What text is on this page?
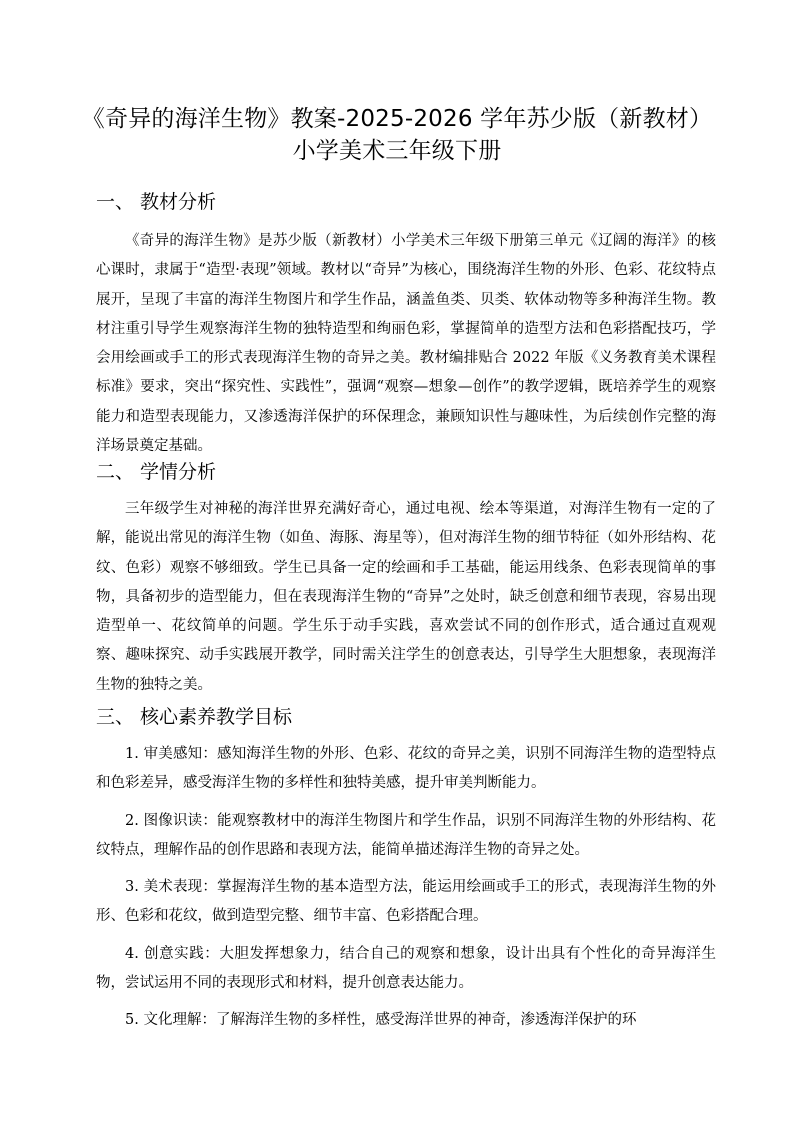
《奇异的海洋生物》教案-2025-2026 学年苏少版（新教材）
小学美术三年级下册
一、 教材分析

《奇异的海洋生物》是苏少版（新教材）小学美术三年级下册第三单元《辽阔的海洋》的核心课时，隶属于“造型·表现”领域。教材以“奇异”为核心，围绕海洋生物的外形、色彩、花纹特点展开，呈现了丰富的海洋生物图片和学生作品，涵盖鱼类、贝类、软体动物等多种海洋生物。教材注重引导学生观察海洋生物的独特造型和绚丽色彩，掌握简单的造型方法和色彩搭配技巧，学会用绘画或手工的形式表现海洋生物的奇异之美。教材编排贴合 2022 年版《义务教育美术课程标准》要求，突出“探究性、实践性”，强调“观察—想象—创作”的教学逻辑，既培养学生的观察能力和造型表现能力，又渗透海洋保护的环保理念，兼顾知识性与趣味性，为后续创作完整的海洋场景奠定基础。

二、 学情分析

三年级学生对神秘的海洋世界充满好奇心，通过电视、绘本等渠道，对海洋生物有一定的了解，能说出常见的海洋生物（如鱼、海豚、海星等），但对海洋生物的细节特征（如外形结构、花纹、色彩）观察不够细致。学生已具备一定的绘画和手工基础，能运用线条、色彩表现简单的事物，具备初步的造型能力，但在表现海洋生物的“奇异”之处时，缺乏创意和细节表现，容易出现造型单一、花纹简单的问题。学生乐于动手实践，喜欢尝试不同的创作形式，适合通过直观观察、趣味探究、动手实践展开教学，同时需关注学生的创意表达，引导学生大胆想象，表现海洋生物的独特之美。

三、 核心素养教学目标
1. 审美感知：感知海洋生物的外形、色彩、花纹的奇异之美，识别不同海洋生物的造型特点和色彩差异，感受海洋生物的多样性和独特美感，提升审美判断能力。
2. 图像识读：能观察教材中的海洋生物图片和学生作品，识别不同海洋生物的外形结构、花纹特点，理解作品的创作思路和表现方法，能简单描述海洋生物的奇异之处。
3. 美术表现：掌握海洋生物的基本造型方法，能运用绘画或手工的形式，表现海洋生物的外形、色彩和花纹，做到造型完整、细节丰富、色彩搭配合理。
4. 创意实践：大胆发挥想象力，结合自己的观察和想象，设计出具有个性化的奇异海洋生物，尝试运用不同的表现形式和材料，提升创意表达能力。
5. 文化理解：了解海洋生物的多样性，感受海洋世界的神奇，渗透海洋保护的环
